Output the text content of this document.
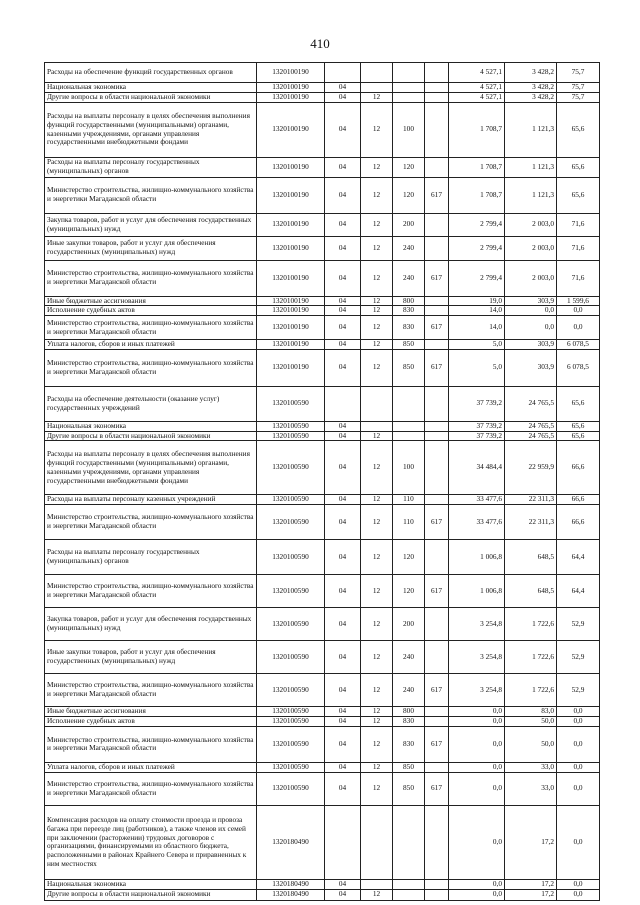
410
Расходы на обеспечение функций государственных органов	1320100190					4 527,1	3 428,2	75,7
Национальная экономика	1320100190	04				4 527,1	3 428,2	75,7
Другие вопросы в области национальной экономики	1320100190	04	12			4 527,1	3 428,2	75,7
Расходы на выплаты персоналу в целях обеспечения выполнения функций государственными (муниципальными) органами, казенными учреждениями, органами управления государственными внебюджетными фондами	1320100190	04	12	100		1 708,7	1 121,3	65,6
Расходы на выплаты персоналу государственных (муниципальных) органов	1320100190	04	12	120		1 708,7	1 121,3	65,6
Министерство строительства, жилищно-коммунального хозяйства и энергетики Магаданской области	1320100190	04	12	120	617	1 708,7	1 121,3	65,6
Закупка товаров, работ и услуг для обеспечения государственных (муниципальных) нужд	1320100190	04	12	200		2 799,4	2 003,0	71,6
Иные закупки товаров, работ и услуг для обеспечения государственных (муниципальных) нужд	1320100190	04	12	240		2 799,4	2 003,0	71,6
Министерство строительства, жилищно-коммунального хозяйства и энергетики Магаданской области	1320100190	04	12	240	617	2 799,4	2 003,0	71,6
Иные бюджетные ассигнования	1320100190	04	12	800		19,0	303,9	1 599,6
Исполнение судебных актов	1320100190	04	12	830		14,0	0,0	0,0
Министерство строительства, жилищно-коммунального хозяйства и энергетики Магаданской области	1320100190	04	12	830	617	14,0	0,0	0,0
Уплата налогов, сборов и иных платежей	1320100190	04	12	850		5,0	303,9	6 078,5
Министерство строительства, жилищно-коммунального хозяйства и энергетики Магаданской области	1320100190	04	12	850	617	5,0	303,9	6 078,5
Расходы на обеспечение деятельности (оказание услуг) государственных учреждений	1320100590					37 739,2	24 765,5	65,6
Национальная экономика	1320100590	04				37 739,2	24 765,5	65,6
Другие вопросы в области национальной экономики	1320100590	04	12			37 739,2	24 765,5	65,6
Расходы на выплаты персоналу в целях обеспечения выполнения функций государственными (муниципальными) органами, казенными учреждениями, органами управления государственными внебюджетными фондами	1320100590	04	12	100		34 484,4	22 959,9	66,6
Расходы на выплаты персоналу казенных учреждений	1320100590	04	12	110		33 477,6	22 311,3	66,6
Министерство строительства, жилищно-коммунального хозяйства и энергетики Магаданской области	1320100590	04	12	110	617	33 477,6	22 311,3	66,6
Расходы на выплаты персоналу государственных (муниципальных) органов	1320100590	04	12	120		1 006,8	648,5	64,4
Министерство строительства, жилищно-коммунального хозяйства и энергетики Магаданской области	1320100590	04	12	120	617	1 006,8	648,5	64,4
Закупка товаров, работ и услуг для обеспечения государственных (муниципальных) нужд	1320100590	04	12	200		3 254,8	1 722,6	52,9
Иные закупки товаров, работ и услуг для обеспечения государственных (муниципальных) нужд	1320100590	04	12	240		3 254,8	1 722,6	52,9
Министерство строительства, жилищно-коммунального хозяйства и энергетики Магаданской области	1320100590	04	12	240	617	3 254,8	1 722,6	52,9
Иные бюджетные ассигнования	1320100590	04	12	800		0,0	83,0	0,0
Исполнение судебных актов	1320100590	04	12	830		0,0	50,0	0,0
Министерство строительства, жилищно-коммунального хозяйства и энергетики Магаданской области	1320100590	04	12	830	617	0,0	50,0	0,0
Уплата налогов, сборов и иных платежей	1320100590	04	12	850		0,0	33,0	0,0
Министерство строительства, жилищно-коммунального хозяйства и энергетики Магаданской области	1320100590	04	12	850	617	0,0	33,0	0,0
Компенсация расходов на оплату стоимости проезда и провоза багажа при переезде лиц (работников), а также членов их семей при заключении (расторжении) трудовых договоров с организациями, финансируемыми из областного бюджета, расположенными в районах Крайнего Севера и приравненных к ним местностях	1320180490					0,0	17,2	0,0
Национальная экономика	1320180490	04				0,0	17,2	0,0
Другие вопросы в области национальной экономики	1320180490	04	12			0,0	17,2	0,0
